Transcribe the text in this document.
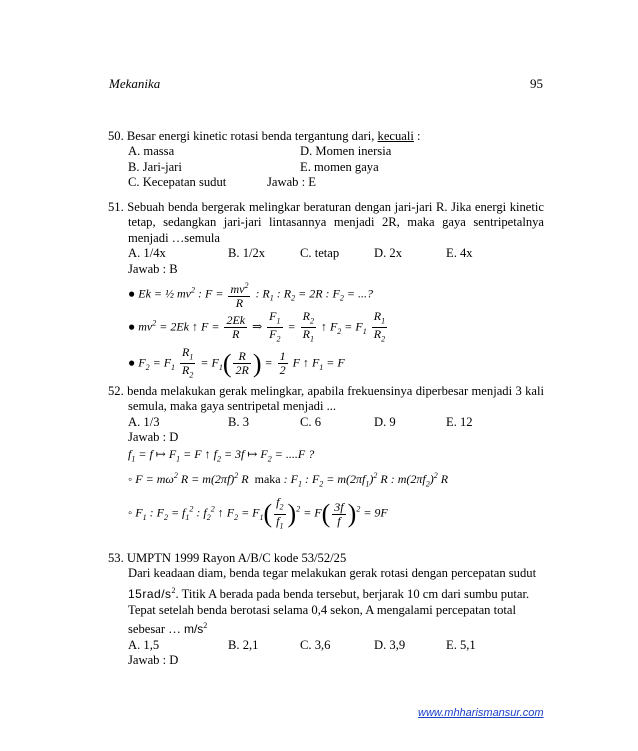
Mekanika	95
50. Besar energi kinetic rotasi benda tergantung dari, kecuali :
A. massa	D. Momen inersia
B. Jari-jari	E. momen gaya
C. Kecepatan sudut	Jawab : E
51. Sebuah benda bergerak melingkar beraturan dengan jari-jari R. Jika energi kinetic tetap, sedangkan jari-jari lintasannya menjadi 2R, maka gaya sentripetalnya menjadi …semula
A. 1/4x	B. 1/2x	C. tetap	D. 2x	E. 4x
Jawab : B
● Ek = ½ $mv^2$ : $F = \frac{mv^2}{R}$ : $R_1$ : $R_2 = 2R$ : $F_2$ = ...?
● $mv^2 = 2Ek$ ↑ $F = \frac{2Ek}{R}$ ⇒ $\frac{F_1}{F_2} = \frac{R_2}{R_1}$ ↑ $F_2 = F_1 \frac{R_1}{R_2}$
● $F_2 = F_1 \frac{R_1}{R_2} = F_1( \frac{R}{2R}$ ) = $\frac{1}{2}$ F ↑ $F_1 = F$
52. benda melakukan gerak melingkar, apabila frekuensinya diperbesar menjadi 3 kali semula, maka gaya sentripetal menjadi ...
A. 1/3	B. 3	C. 6	D. 9	E. 12
Jawab : D
$f_1 = f$ ↦ $F_1 = F$ ↑ $f_2 = 3f$ ↦ $F_2 = ....F$ ?
◦ $F = m\omega^2$ $R = m(2\pi f)^2$ R  maka : $F_1$ : $F_2 = m(2\pi f_1)^2$ R : $m(2\pi f_2)^2$ R
◦ $F_1$ : $F_2 = f_1^2$ : $f_2^2$ ↑ $F_2 = F_1( \frac{f_2}{f_1} )^2 = F( \frac{3f}{f} )^2 = 9F$
53. UMPTN 1999 Rayon A/B/C kode 53/52/25
Dari keadaan diam, benda tegar melakukan gerak rotasi dengan percepatan sudut
$15rad/s^2$. Titik A berada pada benda tersebut, berjarak 10 cm dari sumbu putar.
Tepat setelah benda berotasi selama 0,4 sekon, A mengalami percepatan total
sebesar … $m/s^2$
A. 1,5	B. 2,1	C. 3,6	D. 3,9	E. 5,1
Jawab : D
www.mhharismansur.com
